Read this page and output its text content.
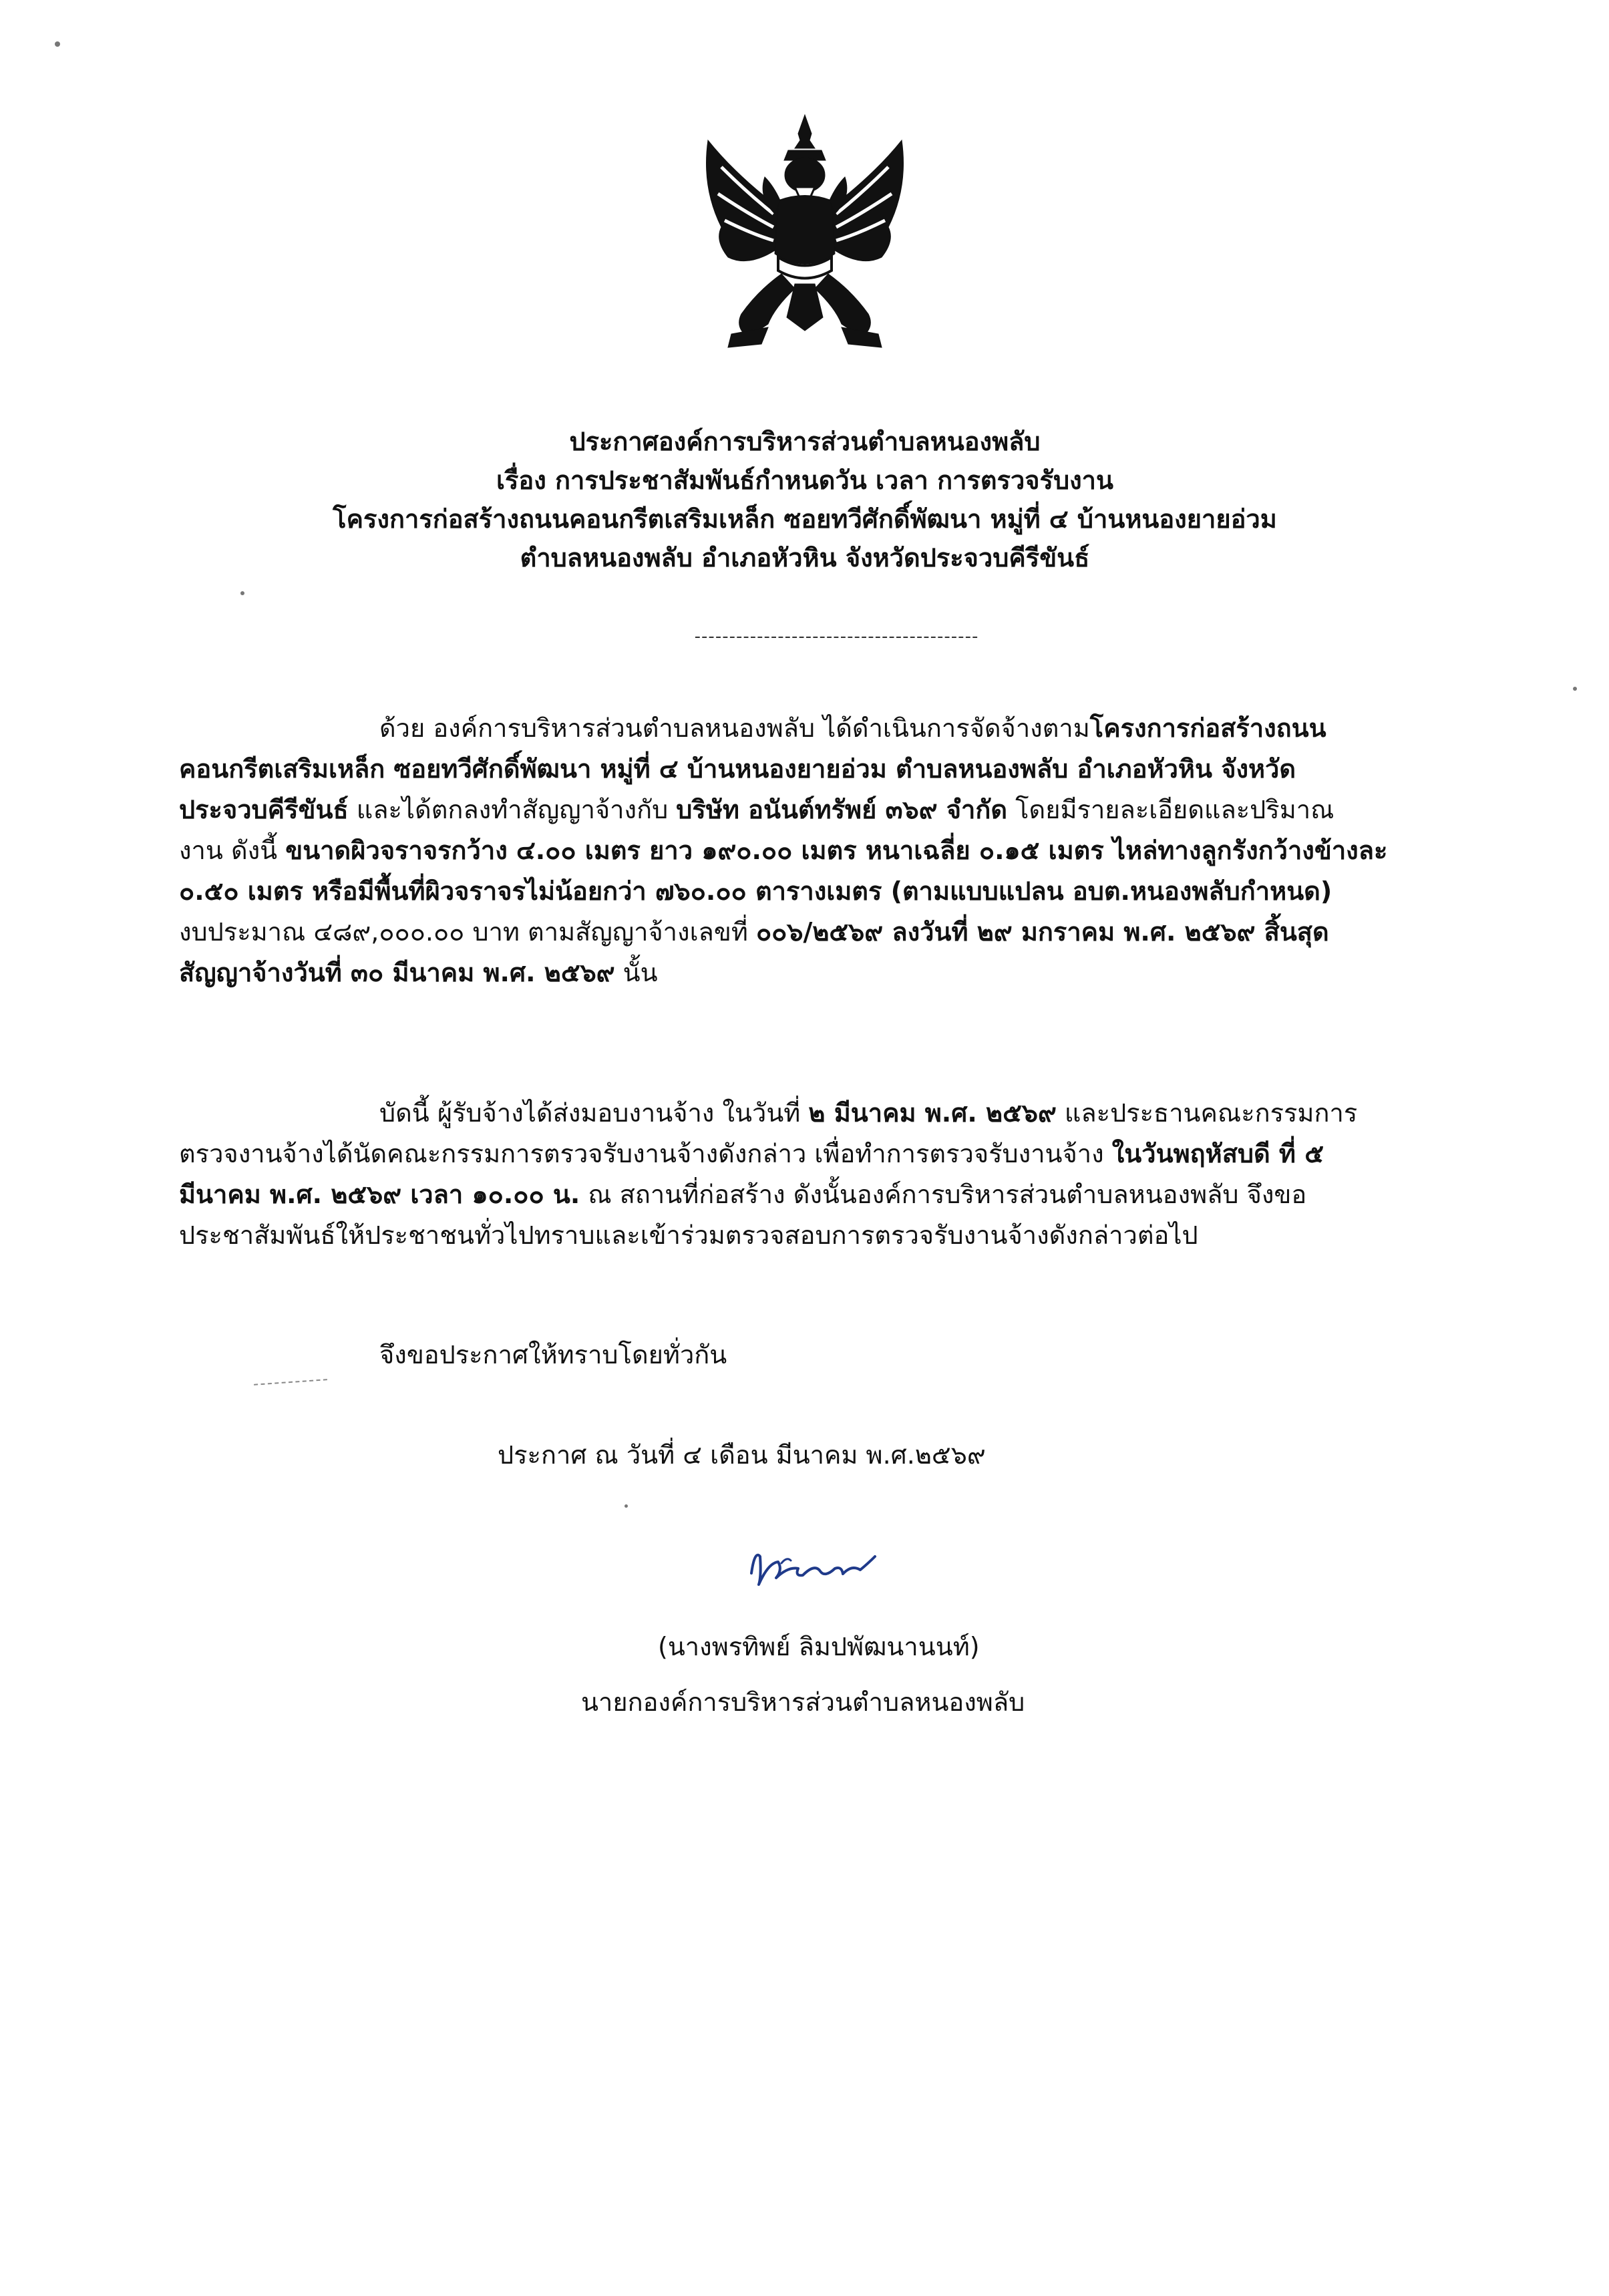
ประกาศองค์การบริหารส่วนตำบลหนองพลับ
เรื่อง การประชาสัมพันธ์กำหนดวัน เวลา การตรวจรับงาน
โครงการก่อสร้างถนนคอนกรีตเสริมเหล็ก ซอยทวีศักดิ์พัฒนา หมู่ที่ ๔ บ้านหนองยายอ่วม
ตำบลหนองพลับ อำเภอหัวหิน จังหวัดประจวบคีรีขันธ์
-----------------------------------------
ด้วย องค์การบริหารส่วนตำบลหนองพลับ ได้ดำเนินการจัดจ้างตามโครงการก่อสร้างถนน
คอนกรีตเสริมเหล็ก ซอยทวีศักดิ์พัฒนา หมู่ที่ ๔ บ้านหนองยายอ่วม ตำบลหนองพลับ อำเภอหัวหิน จังหวัด
ประจวบคีรีขันธ์ และได้ตกลงทำสัญญาจ้างกับ บริษัท อนันต์ทรัพย์ ๓๖๙ จำกัด โดยมีรายละเอียดและปริมาณ
งาน ดังนี้ ขนาดผิวจราจรกว้าง ๔.๐๐ เมตร ยาว ๑๙๐.๐๐ เมตร หนาเฉลี่ย ๐.๑๕ เมตร ไหล่ทางลูกรังกว้างข้างละ
๐.๕๐ เมตร หรือมีพื้นที่ผิวจราจรไม่น้อยกว่า ๗๖๐.๐๐ ตารางเมตร (ตามแบบแปลน อบต.หนองพลับกำหนด)
งบประมาณ ๔๘๙,๐๐๐.๐๐ บาท ตามสัญญาจ้างเลขที่ ๐๐๖/๒๕๖๙ ลงวันที่ ๒๙ มกราคม พ.ศ. ๒๕๖๙ สิ้นสุด
สัญญาจ้างวันที่ ๓๐ มีนาคม พ.ศ. ๒๕๖๙ นั้น
บัดนี้ ผู้รับจ้างได้ส่งมอบงานจ้าง ในวันที่ ๒ มีนาคม พ.ศ. ๒๕๖๙ และประธานคณะกรรมการ
ตรวจงานจ้างได้นัดคณะกรรมการตรวจรับงานจ้างดังกล่าว เพื่อทำการตรวจรับงานจ้าง ในวันพฤหัสบดี ที่ ๕
มีนาคม พ.ศ. ๒๕๖๙ เวลา ๑๐.๐๐ น. ณ สถานที่ก่อสร้าง ดังนั้นองค์การบริหารส่วนตำบลหนองพลับ จึงขอ
ประชาสัมพันธ์ให้ประชาชนทั่วไปทราบและเข้าร่วมตรวจสอบการตรวจรับงานจ้างดังกล่าวต่อไป
จึงขอประกาศให้ทราบโดยทั่วกัน
ประกาศ ณ วันที่ ๔ เดือน มีนาคม พ.ศ.๒๕๖๙
(นางพรทิพย์ ลิมปพัฒนานนท์)
นายกองค์การบริหารส่วนตำบลหนองพลับ
